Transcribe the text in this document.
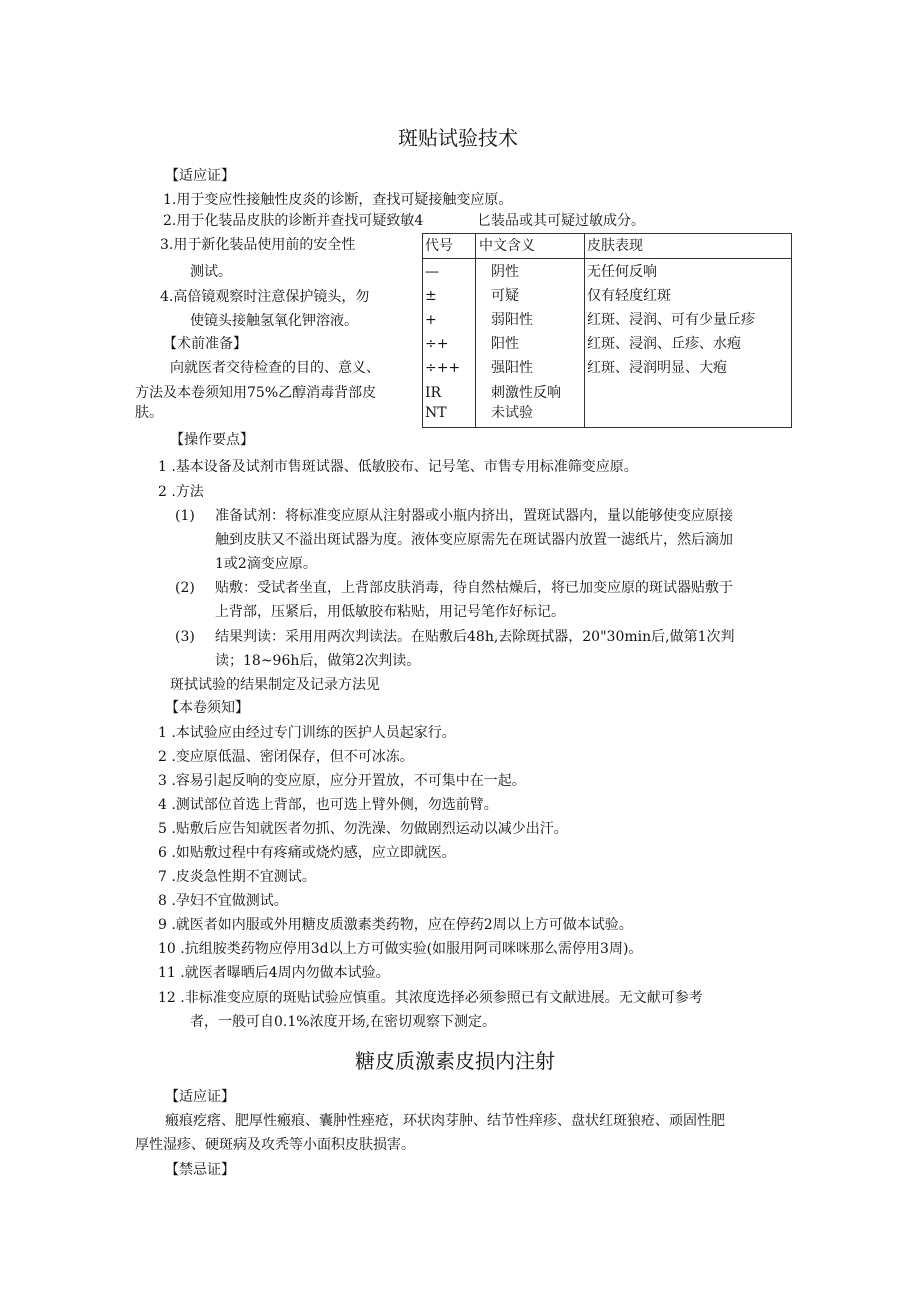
斑贴试验技术
【适应证】
1.用于变应性接触性皮炎的诊断，查找可疑接触变应原。
2.用于化装品皮肤的诊断并查找可疑致敏4	匕装品或其可疑过敏成分。
3.用于新化装品使用前的安全性
测试。
4.高倍镜观察时注意保护镜头，勿
使镜头接触氢氧化钾溶液。
【术前准备】
向就医者交待检查的目的、意义、
方法及本卷须知用75%乙醇消毒背部皮
肤。
代号 中文含义	皮肤表现
—	阴性	无任何反响
±	可疑	仅有轻度红斑
+	弱阳性	红斑、浸润、可有少量丘疹
÷+	阳性	红斑、浸润、丘疹、水疱
÷++ 强阳性	红斑、浸润明显、大疱
IR	刺激性反响
NT	未试验
【操作要点】
1 .基本设备及试剂市售斑试器、低敏胶布、记号笔、市售专用标准筛变应原。
2 .方法
(1) 准备试剂：将标准变应原从注射器或小瓶内挤出，置斑试器内，量以能够使变应原接
触到皮肤又不溢出斑试器为度。液体变应原需先在斑试器内放置一滤纸片，然后滴加
1或2滴变应原。
(2) 贴敷：受试者坐直，上背部皮肤消毒，待自然枯燥后，将已加变应原的斑试器贴敷于
上背部，压紧后，用低敏胶布粘贴，用记号笔作好标记。
(3) 结果判读：采用用两次判读法。在贴敷后48h,去除斑拭器，20"30min后,做第1次判
读；18~96h后，做第2次判读。
斑拭试验的结果制定及记录方法见
【本卷须知】
1 .本试验应由经过专门训练的医护人员起家行。
2 .变应原低温、密闭保存，但不可冰冻。
3 .容易引起反响的变应原，应分开置放，不可集中在一起。
4 .测试部位首选上背部，也可选上臂外侧，勿选前臂。
5 .贴敷后应告知就医者勿抓、勿洗澡、勿做剧烈运动以减少出汗。
6 .如贴敷过程中有疼痛或烧灼感，应立即就医。
7 .皮炎急性期不宜测试。
8 .孕妇不宜做测试。
9 .就医者如内服或外用糖皮质激素类药物，应在停药2周以上方可做本试验。
10 .抗组胺类药物应停用3d以上方可做实验(如服用阿司咪咪那么需停用3周)。
11 .就医者曝晒后4周内勿做本试验。
12 .非标准变应原的斑贴试验应慎重。其浓度选择必须参照已有文献进展。无文献可参考
者，一般可自0.1%浓度开场,在密切观察下测定。
糖皮质激素皮损内注射
【适应证】
瘢痕疙瘩、肥厚性瘢痕、囊肿性痤疮，环状肉芽肿、结节性痒疹、盘状红斑狼疮、顽固性肥
厚性湿疹、硬斑病及攻秃等小面积皮肤损害。
【禁忌证】
